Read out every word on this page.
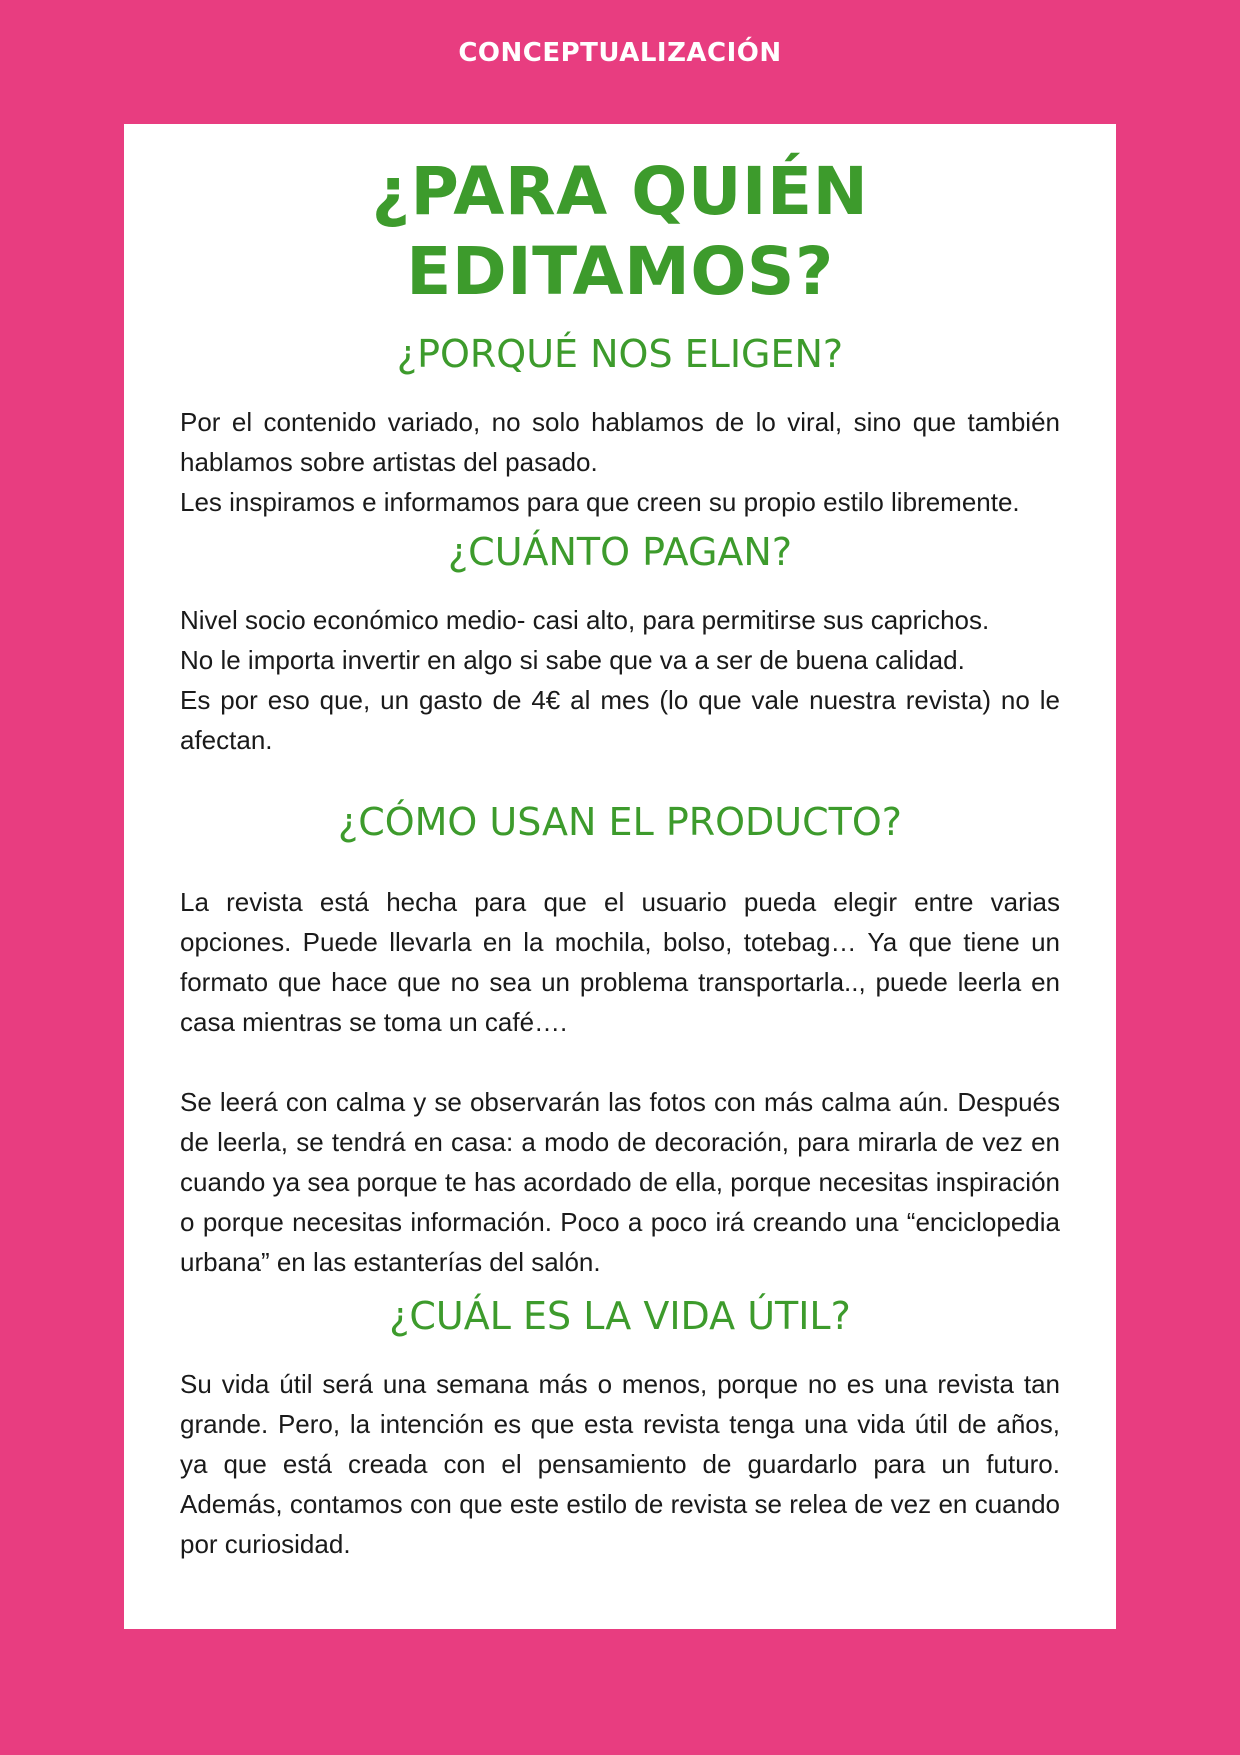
CONCEPTUALIZACIÓN
¿PARA QUIÉN EDITAMOS?
¿PORQUÉ NOS ELIGEN?
Por el contenido variado, no solo hablamos de lo viral, sino que también hablamos sobre artistas del pasado.
Les inspiramos e informamos para que creen su propio estilo libremente.
¿CUÁNTO PAGAN?
Nivel socio económico medio- casi alto, para permitirse sus caprichos.
No le importa invertir en algo si sabe que va a ser de buena calidad.
Es por eso que, un gasto de 4€ al mes (lo que vale nuestra revista) no le afectan.
¿CÓMO USAN EL PRODUCTO?

La revista está hecha para que el usuario pueda elegir entre varias opciones. Puede llevarla en la mochila, bolso, totebag… Ya que tiene un formato que hace que no sea un problema transportarla.., puede leerla en casa mientras se toma un café….

Se leerá con calma y se observarán las fotos con más calma aún. Después de leerla, se tendrá en casa: a modo de decoración, para mirarla de vez en cuando ya sea porque te has acordado de ella, porque necesitas inspiración o porque necesitas información. Poco a poco irá creando una “enciclopedia urbana” en las estanterías del salón.

¿CUÁL ES LA VIDA ÚTIL?

Su vida útil será una semana más o menos, porque no es una revista tan grande. Pero, la intención es que esta revista tenga una vida útil de años, ya que está creada con el pensamiento de guardarlo para un futuro. Además, contamos con que este estilo de revista se relea de vez en cuando por curiosidad.
